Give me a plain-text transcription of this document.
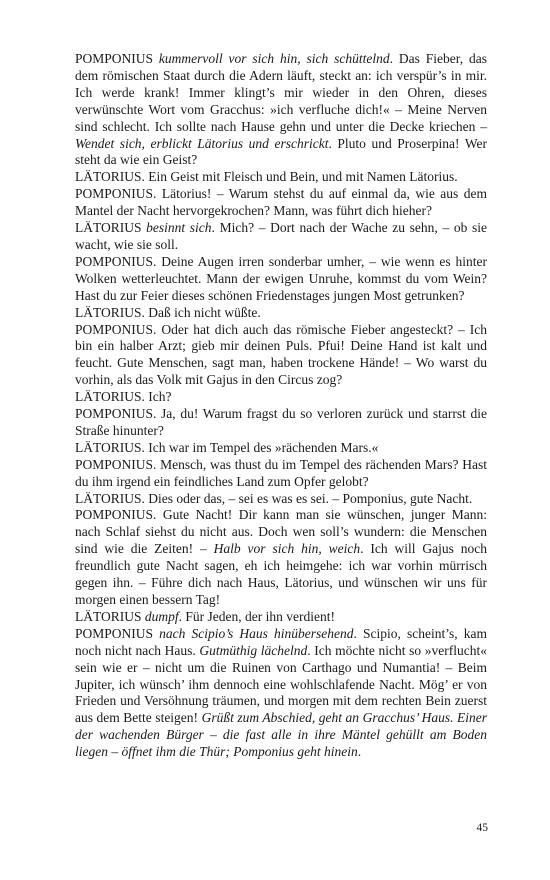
POMPONIUS kummervoll vor sich hin, sich schüttelnd. Das Fieber, das dem römischen Staat durch die Adern läuft, steckt an: ich verspür’s in mir. Ich werde krank! Immer klingt’s mir wieder in den Ohren, dieses verwünschte Wort vom Gracchus: »ich verfluche dich!« – Meine Nerven sind schlecht. Ich sollte nach Hause gehn und unter die Decke kriechen – Wendet sich, erblickt Lätorius und erschrickt. Pluto und Proserpina! Wer steht da wie ein Geist?

LÄTORIUS. Ein Geist mit Fleisch und Bein, und mit Namen Lätorius.

POMPONIUS. Lätorius! – Warum stehst du auf einmal da, wie aus dem Mantel der Nacht hervorgekrochen? Mann, was führt dich hieher?

LÄTORIUS besinnt sich. Mich? – Dort nach der Wache zu sehn, – ob sie wacht, wie sie soll.

POMPONIUS. Deine Augen irren sonderbar umher, – wie wenn es hinter Wolken wetterleuchtet. Mann der ewigen Unruhe, kommst du vom Wein? Hast du zur Feier dieses schönen Friedenstages jungen Most getrunken?

LÄTORIUS. Daß ich nicht wüßte.

POMPONIUS. Oder hat dich auch das römische Fieber angesteckt? – Ich bin ein halber Arzt; gieb mir deinen Puls. Pfui! Deine Hand ist kalt und feucht. Gute Menschen, sagt man, haben trockene Hände! – Wo warst du vorhin, als das Volk mit Gajus in den Circus zog?

LÄTORIUS. Ich?

POMPONIUS. Ja, du! Warum fragst du so verloren zurück und starrst die Straße hinunter?

LÄTORIUS. Ich war im Tempel des »rächenden Mars.«

POMPONIUS. Mensch, was thust du im Tempel des rächenden Mars? Hast du ihm irgend ein feindliches Land zum Opfer gelobt?

LÄTORIUS. Dies oder das, – sei es was es sei. – Pomponius, gute Nacht.

POMPONIUS. Gute Nacht! Dir kann man sie wünschen, junger Mann: nach Schlaf siehst du nicht aus. Doch wen soll’s wundern: die Menschen sind wie die Zeiten! – Halb vor sich hin, weich. Ich will Gajus noch freundlich gute Nacht sagen, eh ich heimgehe: ich war vorhin mürrisch gegen ihn. – Führe dich nach Haus, Lätorius, und wünschen wir uns für morgen einen bessern Tag!

LÄTORIUS dumpf. Für Jeden, der ihn verdient!

POMPONIUS nach Scipio’s Haus hinübersehend. Scipio, scheint’s, kam noch nicht nach Haus. Gutmüthig lächelnd. Ich möchte nicht so »verflucht« sein wie er – nicht um die Ruinen von Carthago und Numantia! – Beim Jupiter, ich wünsch’ ihm dennoch eine wohlschlafende Nacht. Mög’ er von Frieden und Versöhnung träumen, und morgen mit dem rechten Bein zuerst aus dem Bette steigen! Grüßt zum Abschied, geht an Gracchus’ Haus. Einer der wachenden Bürger – die fast alle in ihre Mäntel gehüllt am Boden liegen – öffnet ihm die Thür; Pomponius geht hinein.

45
